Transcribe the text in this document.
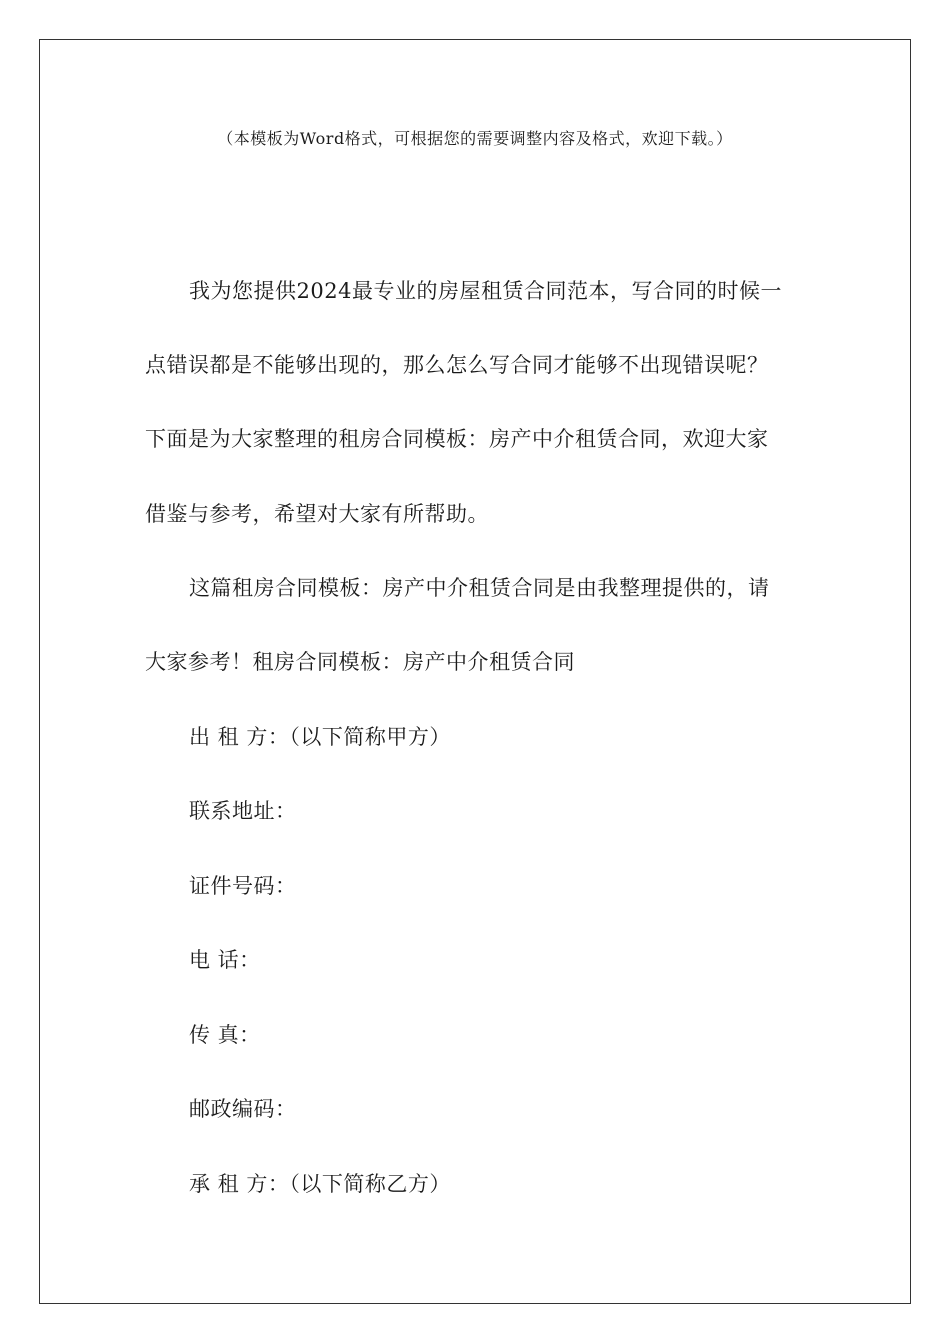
（本模板为Word格式，可根据您的需要调整内容及格式，欢迎下载。）
我为您提供2024最专业的房屋租赁合同范本，写合同的时候一
点错误都是不能够出现的，那么怎么写合同才能够不出现错误呢？
下面是为大家整理的租房合同模板：房产中介租赁合同，欢迎大家
借鉴与参考，希望对大家有所帮助。
这篇租房合同模板：房产中介租赁合同是由我整理提供的，请
大家参考！租房合同模板：房产中介租赁合同
出 租 方：（以下简称甲方）
联系地址：
证件号码：
电 话：
传 真：
邮政编码：
承 租 方：（以下简称乙方）
